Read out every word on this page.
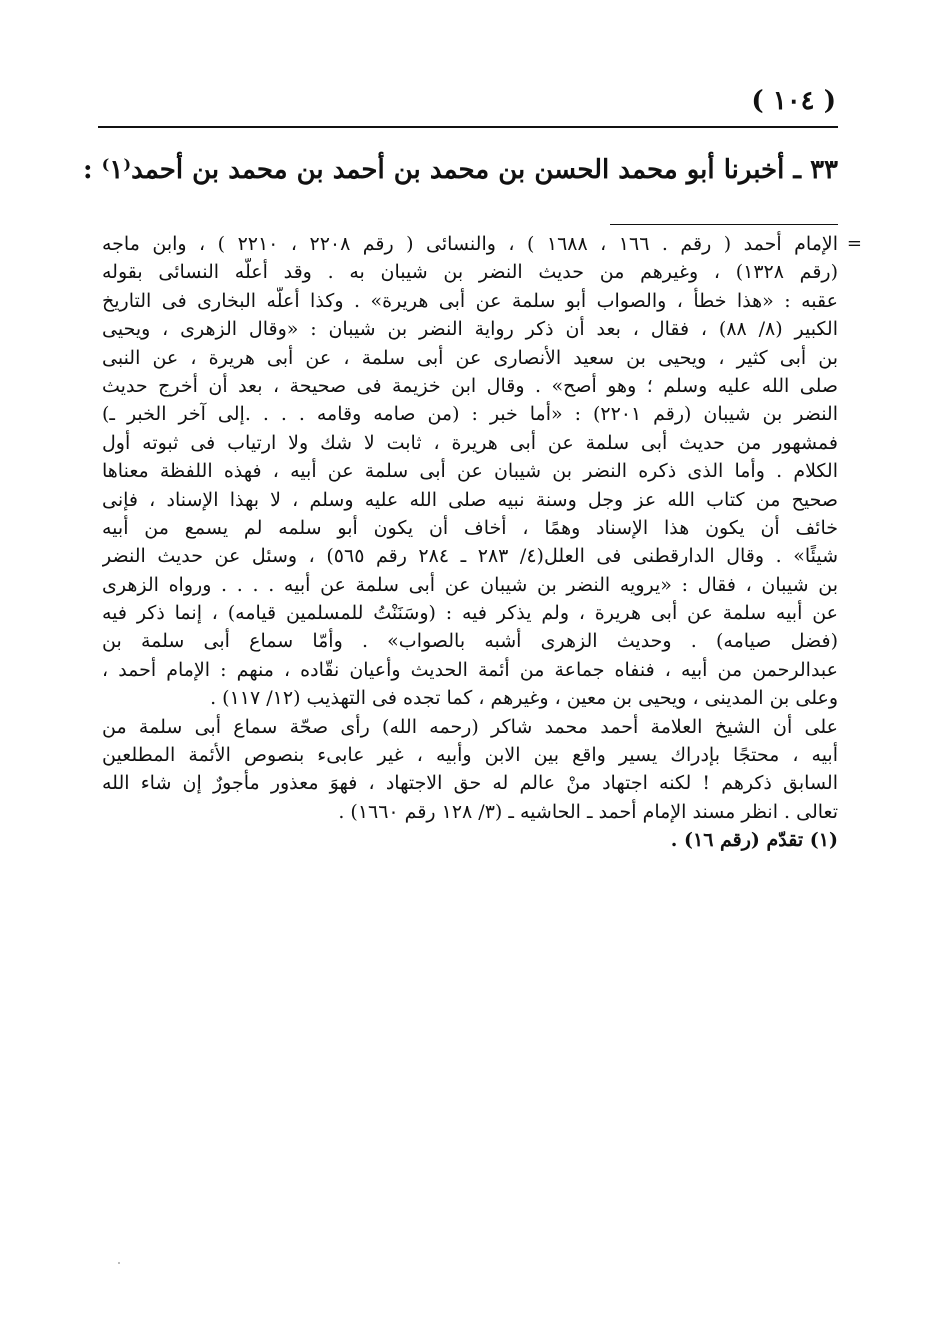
( ١٠٤ )
٣٣ ـ أخبرنا أبو محمد الحسن بن محمد بن أحمد بن محمد بن أحمد⁽١⁾ :
=
الإمام أحمد ( رقم . ١٦٦ ، ١٦٨٨ ) ، والنسائى ( رقم ٢٢٠٨ ، ٢٢١٠ ) ، وابن ماجه
(رقم ١٣٢٨) ، وغيرهم من حديث النضر بن شيبان به . وقد أعلّه النسائى بقوله
عقبه : «هذا خطأ ، والصواب أبو سلمة عن أبى هريرة» . وكذا أعلّه البخارى فى التاريخ
الكبير (٨/ ٨٨) ، فقال ، بعد أن ذكر رواية النضر بن شيبان : «وقال الزهرى ، ويحيى
بن أبى كثير ، ويحيى بن سعيد الأنصارى عن أبى سلمة ، عن أبى هريرة ، عن النبى
صلى الله عليه وسلم ؛ وهو أصح» . وقال ابن خزيمة فى صحيحة ، بعد أن أخرج حديث
النضر بن شيبان (رقم ٢٢٠١) : «أما خبر : (من صامه وقامه . . . .إلى آخر الخبر ـ)
فمشهور من حديث أبى سلمة عن أبى هريرة ، ثابت لا شك ولا ارتياب فى ثبوته أول
الكلام . وأما الذى ذكره النضر بن شيبان عن أبى سلمة عن أبيه ، فهذه اللفظة معناها
صحيح من كتاب الله عز وجل وسنة نبيه صلى الله عليه وسلم ، لا بهذا الإسناد ، فإنى
خائف أن يكون هذا الإسناد وهمًا ، أخاف أن يكون أبو سلمه لم يسمع من أبيه
شيئًا» . وقال الدارقطنى فى العلل(٤/ ٢٨٣ ـ ٢٨٤ رقم ٥٦٥) ، وسئل عن حديث النضر
بن شيبان ، فقال : «يرويه النضر بن شيبان عن أبى سلمة عن أبيه . . . . ورواه الزهرى
عن أبيه سلمة عن أبى هريرة ، ولم يذكر فيه : (وسَنَنْتُ للمسلمين قيامه) ، إنما ذكر فيه
(فضل صيامه) . وحديث الزهرى أشبه بالصواب» . وأمّا سماع أبى سلمة بن
عبدالرحمن من أبيه ، فنفاه جماعة من أئمة الحديث وأعيان نقّاده ، منهم : الإمام أحمد ،
وعلى بن المدينى ، ويحيى بن معين ، وغيرهم ، كما تجده فى التهذيب (١٢/ ١١٧) .
على أن الشيخ العلامة أحمد محمد شاكر (رحمه الله) رأى صحّة سماع أبى سلمة من
أبيه ، محتجًا بإدراك يسير واقع بين الابن وأبيه ، غير عابىء بنصوص الأئمة المطلعين
السابق ذكرهم ! لكنه اجتهاد منْ عالم له حق الاجتهاد ، فهوَ معذور مأجورٌ إن شاء الله
تعالى . انظر مسند الإمام أحمد ـ الحاشيه ـ (٣/ ١٢٨ رقم ١٦٦٠) .
(١) تقدّم (رقم ١٦) .
